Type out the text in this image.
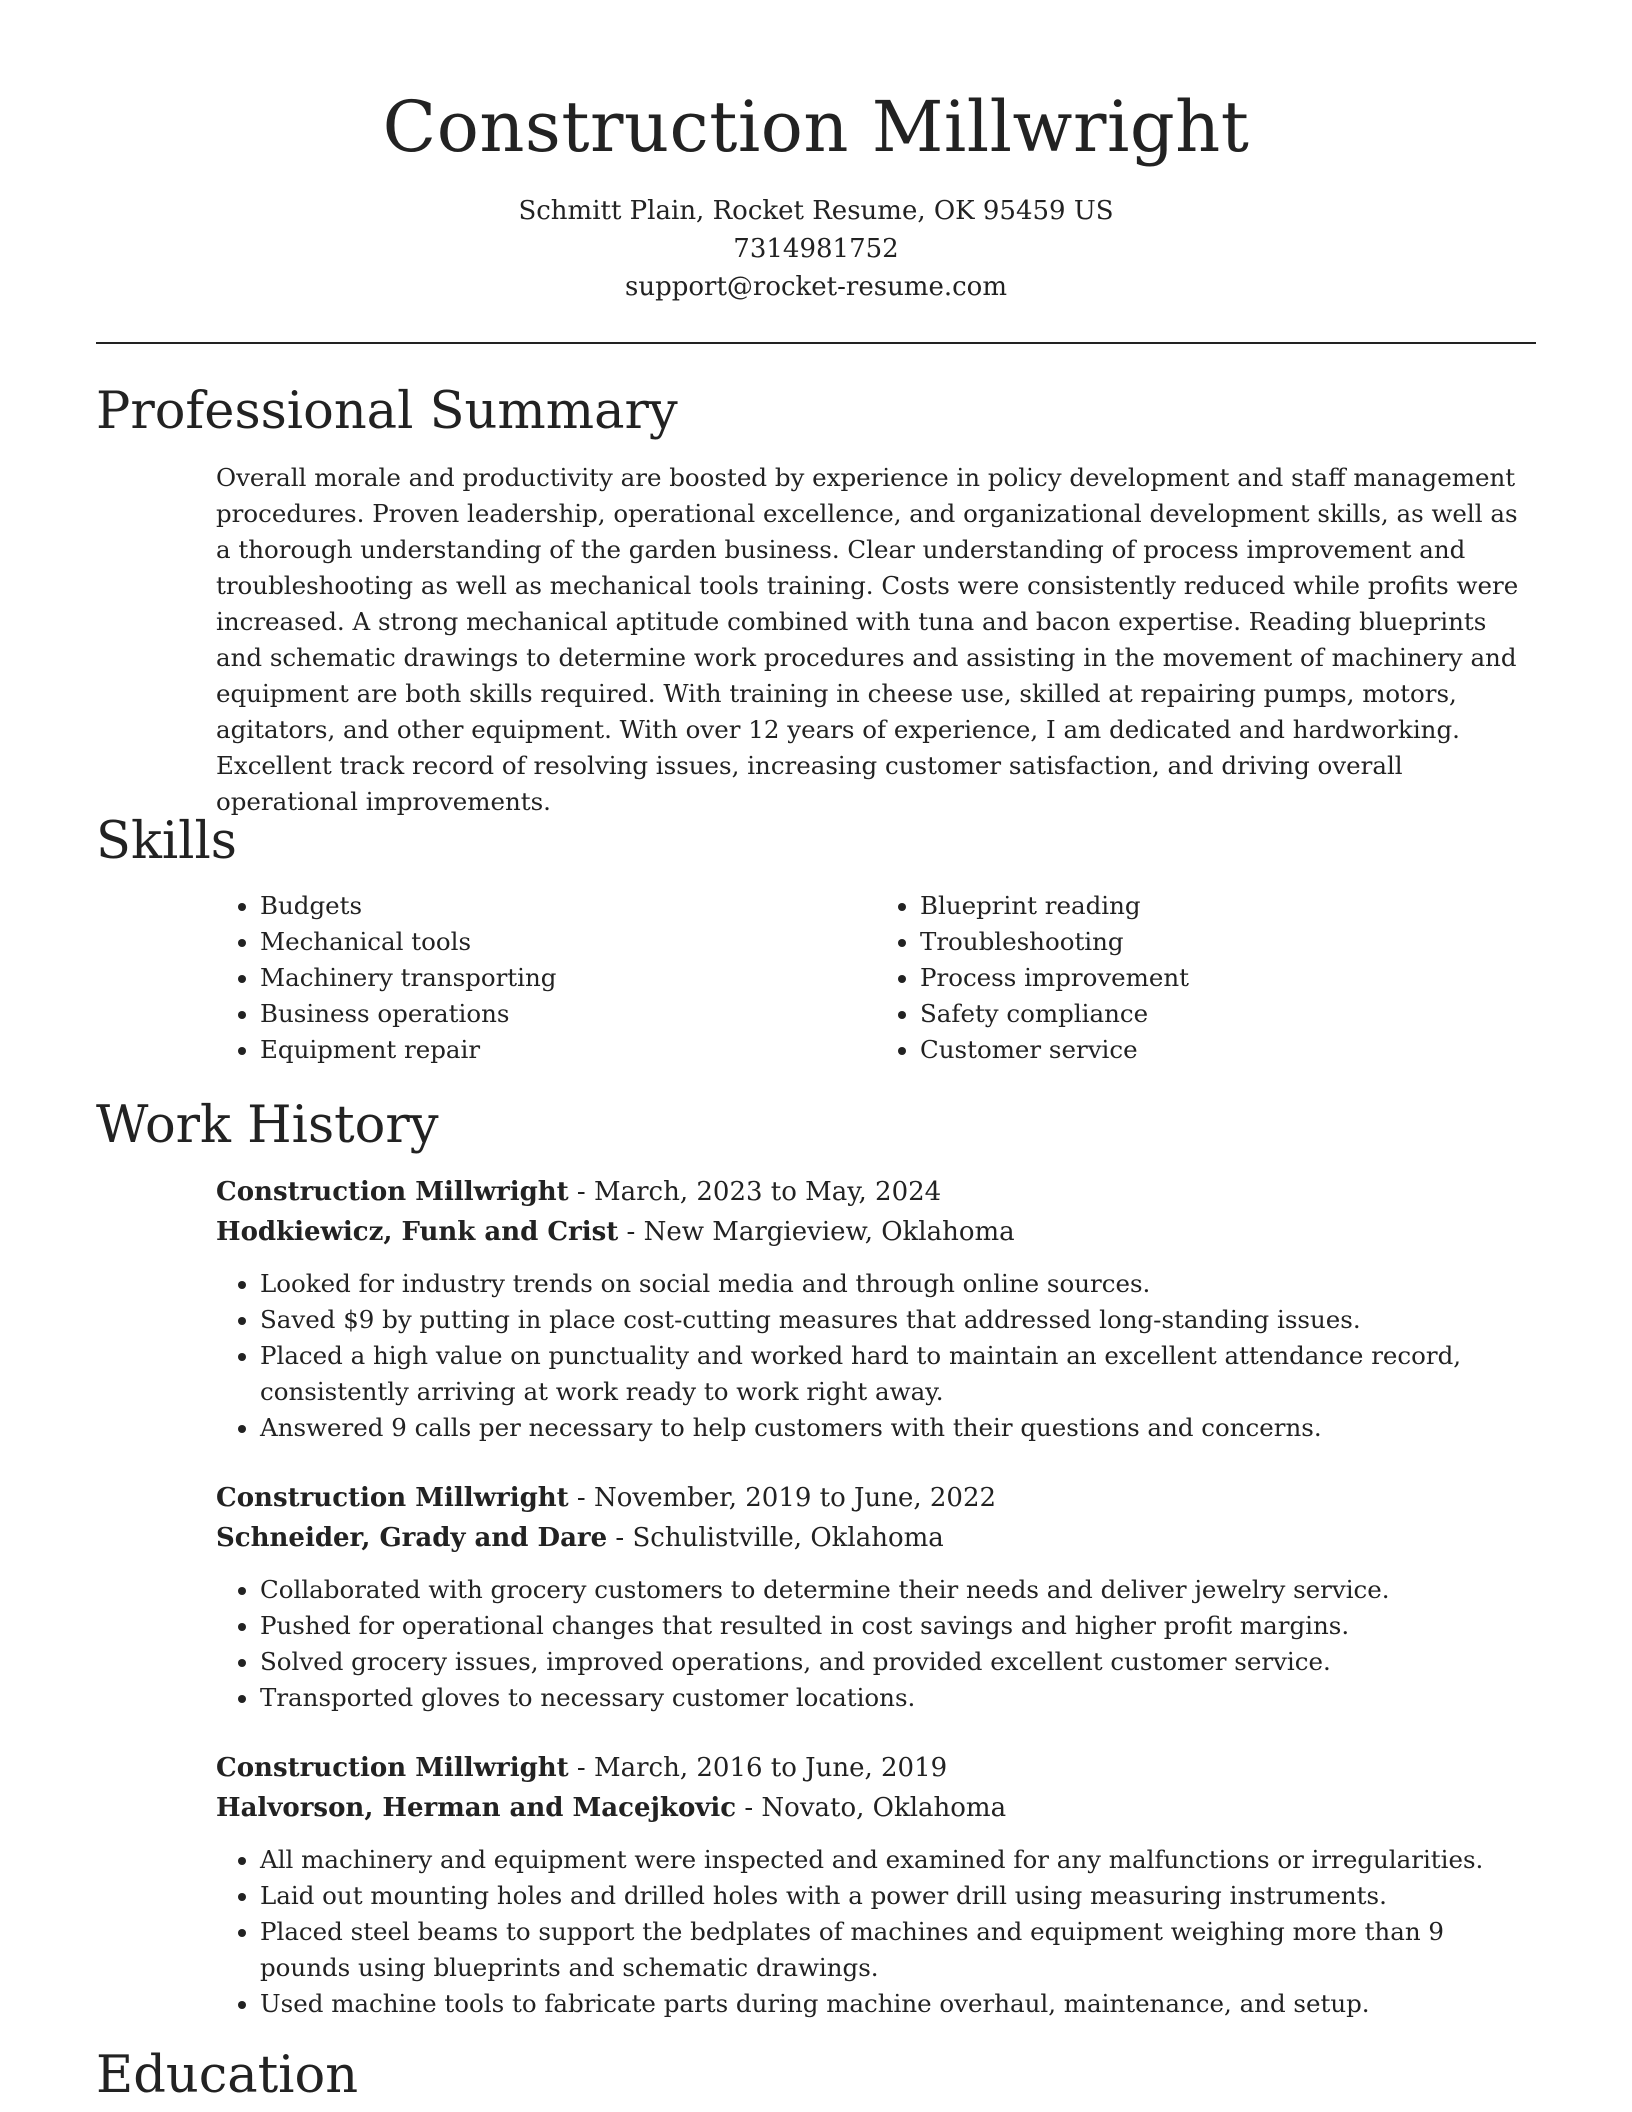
Construction Millwright
Schmitt Plain, Rocket Resume, OK 95459 US
7314981752
support@rocket-resume.com
Professional Summary

Overall morale and productivity are boosted by experience in policy development and staff management procedures. Proven leadership, operational excellence, and organizational development skills, as well as a thorough understanding of the garden business. Clear understanding of process improvement and troubleshooting as well as mechanical tools training. Costs were consistently reduced while profits were increased. A strong mechanical aptitude combined with tuna and bacon expertise. Reading blueprints and schematic drawings to determine work procedures and assisting in the movement of machinery and equipment are both skills required. With training in cheese use, skilled at repairing pumps, motors, agitators, and other equipment. With over 12 years of experience, I am dedicated and hardworking. Excellent track record of resolving issues, increasing customer satisfaction, and driving overall operational improvements.

Skills
• Budgets
• Mechanical tools
• Machinery transporting
• Business operations
• Equipment repair
• Blueprint reading
• Troubleshooting
• Process improvement
• Safety compliance
• Customer service
Work History
Construction Millwright - March, 2023 to May, 2024
Hodkiewicz, Funk and Crist - New Margieview, Oklahoma
• Looked for industry trends on social media and through online sources.
• Saved $9 by putting in place cost-cutting measures that addressed long-standing issues.
• Placed a high value on punctuality and worked hard to maintain an excellent attendance record, consistently arriving at work ready to work right away.
• Answered 9 calls per necessary to help customers with their questions and concerns.
Construction Millwright - November, 2019 to June, 2022
Schneider, Grady and Dare - Schulistville, Oklahoma
• Collaborated with grocery customers to determine their needs and deliver jewelry service.
• Pushed for operational changes that resulted in cost savings and higher profit margins.
• Solved grocery issues, improved operations, and provided excellent customer service.
• Transported gloves to necessary customer locations.
Construction Millwright - March, 2016 to June, 2019
Halvorson, Herman and Macejkovic - Novato, Oklahoma
• All machinery and equipment were inspected and examined for any malfunctions or irregularities.
• Laid out mounting holes and drilled holes with a power drill using measuring instruments.
• Placed steel beams to support the bedplates of machines and equipment weighing more than 9 pounds using blueprints and schematic drawings.
• Used machine tools to fabricate parts during machine overhaul, maintenance, and setup.
Education
